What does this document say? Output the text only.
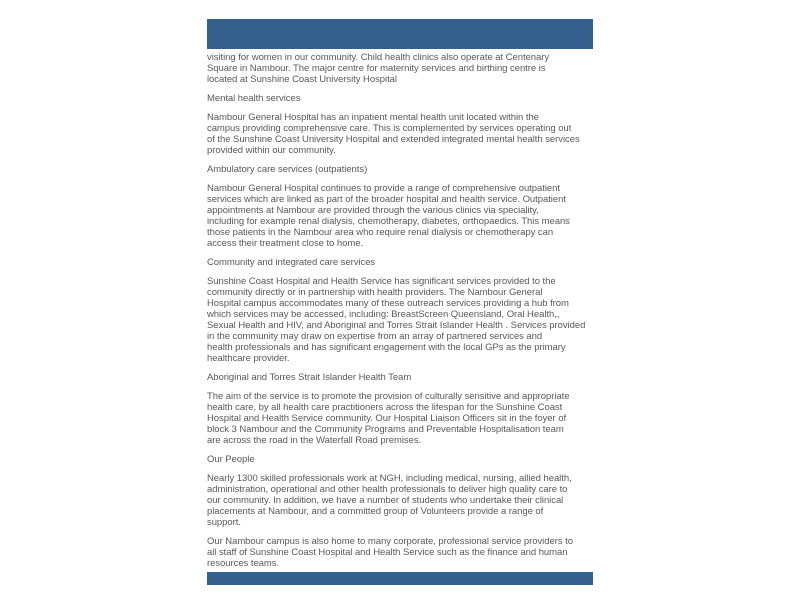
visiting for women in our community. Child health clinics also operate at Centenary
Square in Nambour. The major centre for maternity services and birthing centre is
located at Sunshine Coast University Hospital
Mental health services
Nambour General Hospital has an inpatient mental health unit located within the
campus providing comprehensive care. This is complemented by services operating out
of the Sunshine Coast University Hospital and extended integrated mental health services
provided within our community.
Ambulatory care services (outpatients)
Nambour General Hospital continues to provide a range of comprehensive outpatient
services which are linked as part of the broader hospital and health service. Outpatient
appointments at Nambour are provided through the various clinics via speciality,
including for example renal dialysis, chemotherapy, diabetes, orthopaedics. This means
those patients in the Nambour area who require renal dialysis or chemotherapy can
access their treatment close to home.
Community and integrated care services
Sunshine Coast Hospital and Health Service has significant services provided to the
community directly or in partnership with health providers. The Nambour General
Hospital campus accommodates many of these outreach services providing a hub from
which services may be accessed, including: BreastScreen Queensland, Oral Health,,
Sexual Health and HIV, and Aboriginal and Torres Strait Islander Health . Services provided
in the community may draw on expertise from an array of partnered services and
health professionals and has significant engagement with the local GPs as the primary
healthcare provider.
Aboriginal and Torres Strait Islander Health Team
The aim of the service is to promote the provision of culturally sensitive and appropriate
health care, by all health care practitioners across the lifespan for the Sunshine Coast
Hospital and Health Service community. Our Hospital Liaison Officers sit in the foyer of
block 3 Nambour and the Community Programs and Preventable Hospitalisation team
are across the road in the Waterfall Road premises.
Our People
Nearly 1300 skilled professionals work at NGH, including medical, nursing, allied health,
administration, operational and other health professionals to deliver high quality care to
our community. In addition, we have a number of students who undertake their clinical
placements at Nambour, and a committed group of Volunteers provide a range of
support.
Our Nambour campus is also home to many corporate, professional service providers to
all staff of Sunshine Coast Hospital and Health Service such as the finance and human
resources teams.
